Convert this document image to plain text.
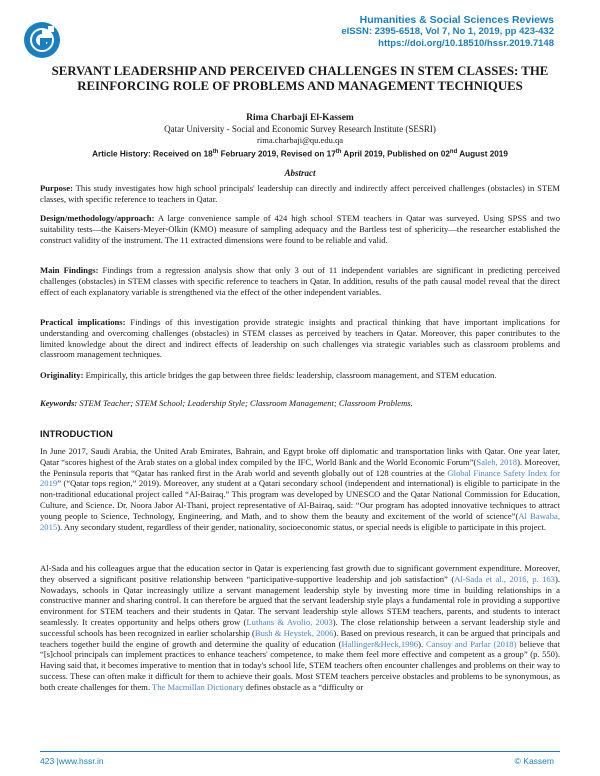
Humanities & Social Sciences Reviews
eISSN: 2395-6518, Vol 7, No 1, 2019, pp 423-432
https://doi.org/10.18510/hssr.2019.7148
SERVANT LEADERSHIP AND PERCEIVED CHALLENGES IN STEM CLASSES: THE REINFORCING ROLE OF PROBLEMS AND MANAGEMENT TECHNIQUES
Rima Charbaji El-Kassem
Qatar University - Social and Economic Survey Research Institute (SESRI)
rima.charbaji@qu.edu.qa
Article History: Received on 18th February 2019, Revised on 17th April 2019, Published on 02nd August 2019
Abstract
Purpose: This study investigates how high school principals' leadership can directly and indirectly affect perceived challenges (obstacles) in STEM classes, with specific reference to teachers in Qatar.
Design/methodology/approach: A large convenience sample of 424 high school STEM teachers in Qatar was surveyed. Using SPSS and two suitability tests—the Kaisers-Meyer-Olkin (KMO) measure of sampling adequacy and the Bartless test of sphericity—the researcher established the construct validity of the instrument. The 11 extracted dimensions were found to be reliable and valid.
Main Findings: Findings from a regression analysis show that only 3 out of 11 independent variables are significant in predicting perceived challenges (obstacles) in STEM classes with specific reference to teachers in Qatar. In addition, results of the path causal model reveal that the direct effect of each explanatory variable is strengthened via the effect of the other independent variables.
Practical implications: Findings of this investigation provide strategic insights and practical thinking that have important implications for understanding and overcoming challenges (obstacles) in STEM classes as perceived by teachers in Qatar. Moreover, this paper contributes to the limited knowledge about the direct and indirect effects of leadership on such challenges via strategic variables such as classroom problems and classroom management techniques.
Originality: Empirically, this article bridges the gap between three fields: leadership, classroom management, and STEM education.
Keywords: STEM Teacher; STEM School; Leadership Style; Classroom Management; Classroom Problems.
INTRODUCTION
In June 2017, Saudi Arabia, the United Arab Emirates, Bahrain, and Egypt broke off diplomatic and transportation links with Qatar. One year later, Qatar “scores highest of the Arab states on a global index compiled by the IFC, World Bank and the World Economic Forum”(Saleh, 2018). Moreover, the Peninsula reports that “Qatar has ranked first in the Arab world and seventh globally out of 128 countries at the Global Finance Safety Index for 2019” (“Qatar tops region,” 2019). Moreover, any student at a Qatari secondary school (independent and international) is eligible to participate in the non-traditional educational project called “Al-Bairaq.” This program was developed by UNESCO and the Qatar National Commission for Education, Culture, and Science. Dr. Noora Jabor Al-Thani, project representative of Al-Bairaq, said: “Our program has adopted innovative techniques to attract young people to Science, Technology, Engineering, and Math, and to show them the beauty and excitement of the world of science”(Al Bawaba, 2015). Any secondary student, regardless of their gender, nationality, socioeconomic status, or special needs is eligible to participate in this project.
Al-Sada and his colleagues argue that the education sector in Qatar is experiencing fast growth due to significant government expenditure. Moreover, they observed a significant positive relationship between “participative-supportive leadership and job satisfaction” (Al-Sada et al., 2016, p. 163). Nowadays, schools in Qatar increasingly utilize a servant management leadership style by investing more time in building relationships in a constructive manner and sharing control. It can therefore be argued that the servant leadership style plays a fundamental role in providing a supportive environment for STEM teachers and their students in Qatar. The servant leadership style allows STEM teachers, parents, and students to interact seamlessly. It creates opportunity and helps others grow (Luthans & Avolio, 2003). The close relationship between a servant leadership style and successful schools has been recognized in earlier scholarship (Bush & Heystek, 2006). Based on previous research, it can be argued that principals and teachers together build the engine of growth and determine the quality of education (Hallinger&Heck,1996). Cansoy and Parlar (2018) believe that “[s]chool principals can implement practices to enhance teachers' competence, to make them feel more effective and competent as a group” (p. 550). Having said that, it becomes imperative to mention that in today's school life, STEM teachers often encounter challenges and problems on their way to success. These can often make it difficult for them to achieve their goals. Most STEM teachers perceive obstacles and problems to be synonymous, as both create challenges for them. The Macmillan Dictionary defines obstacle as a “difficulty or
423 |www.hssr.in	© Kassem
